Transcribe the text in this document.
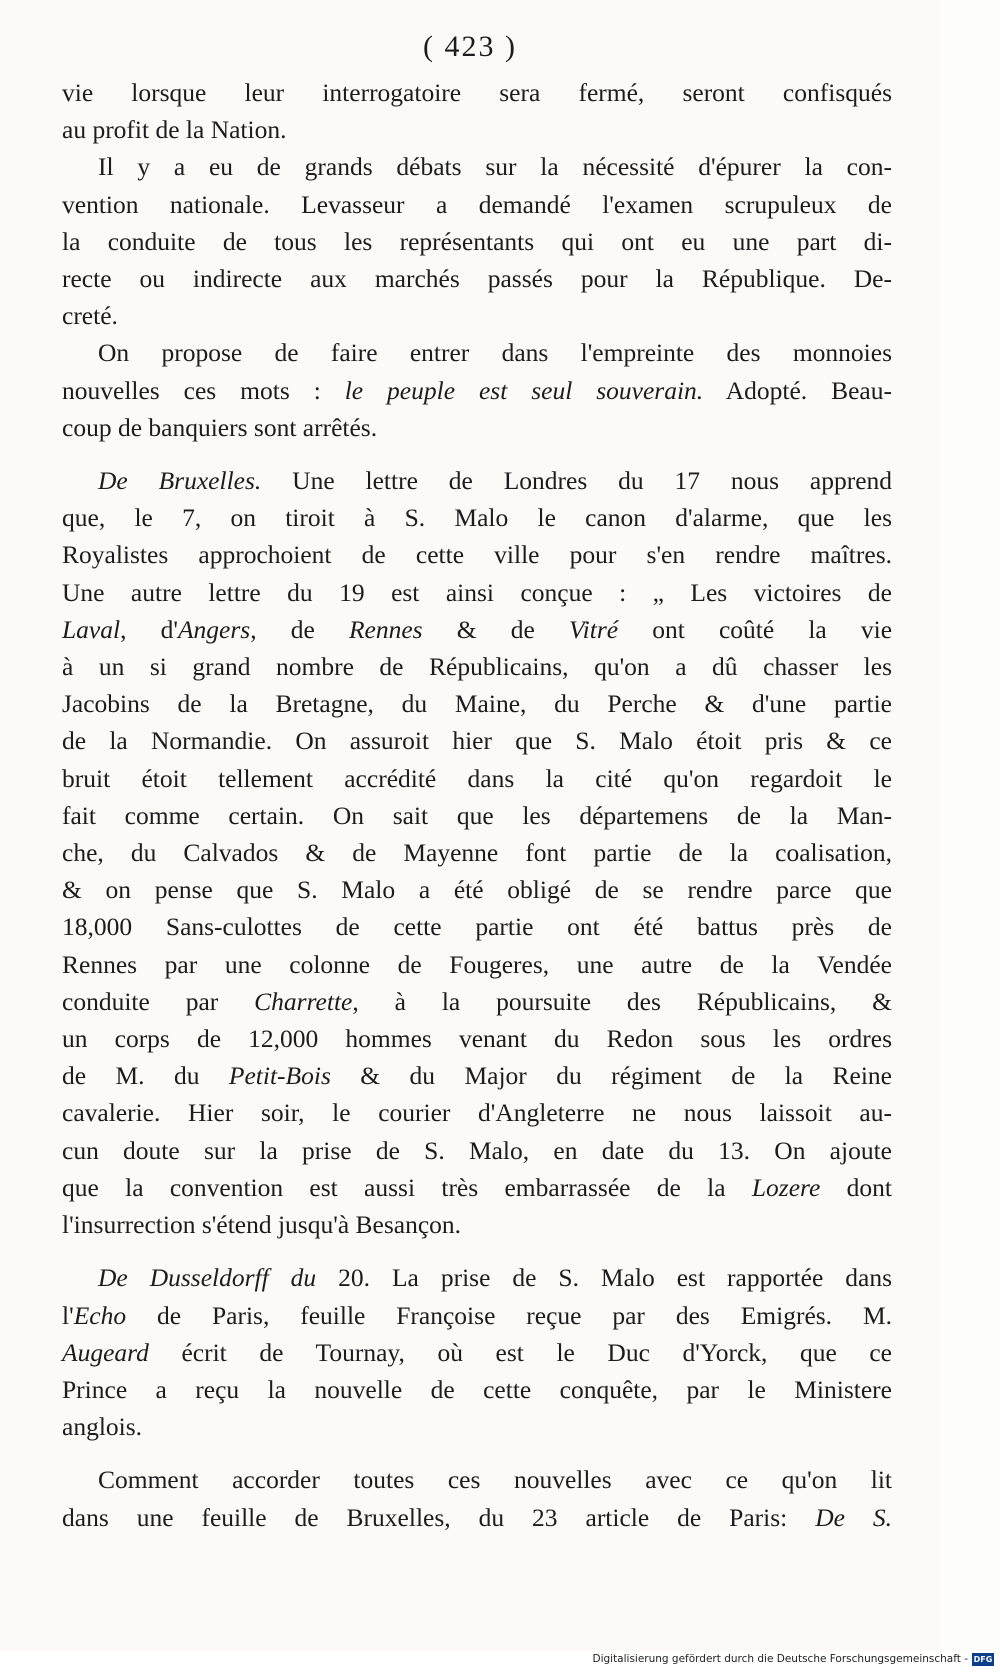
( 423 )

vie lorsque leur interrogatoire sera fermé, seront confisqués
au profit de la Nation.

Il y a eu de grands débats sur la nécessité d'épurer la con-
vention nationale. Levasseur a demandé l'examen scrupuleux de
la conduite de tous les représentants qui ont eu une part di-
recte ou indirecte aux marchés passés pour la République. De-
creté.

On propose de faire entrer dans l'empreinte des monnoies
nouvelles ces mots : le peuple est seul souverain. Adopté. Beau-
coup de banquiers sont arrêtés.

De Bruxelles. Une lettre de Londres du 17 nous apprend
que, le 7, on tiroit à S. Malo le canon d'alarme, que les
Royalistes approchoient de cette ville pour s'en rendre maîtres.
Une autre lettre du 19 est ainsi conçue : „ Les victoires de
Laval, d'Angers, de Rennes & de Vitré ont coûté la vie
à un si grand nombre de Républicains, qu'on a dû chasser les
Jacobins de la Bretagne, du Maine, du Perche & d'une partie
de la Normandie. On assuroit hier que S. Malo étoit pris & ce
bruit étoit tellement accrédité dans la cité qu'on regardoit le
fait comme certain. On sait que les départemens de la Man-
che, du Calvados & de Mayenne font partie de la coalisation,
& on pense que S. Malo a été obligé de se rendre parce que
18,000 Sans-culottes de cette partie ont été battus près de
Rennes par une colonne de Fougeres, une autre de la Vendée
conduite par Charrette, à la poursuite des Républicains, &
un corps de 12,000 hommes venant du Redon sous les ordres
de M. du Petit-Bois & du Major du régiment de la Reine
cavalerie. Hier soir, le courier d'Angleterre ne nous laissoit au-
cun doute sur la prise de S. Malo, en date du 13. On ajoute
que la convention est aussi très embarrassée de la Lozere dont
l'insurrection s'étend jusqu'à Besançon.

De Dusseldorff du 20. La prise de S. Malo est rapportée dans
l'Echo de Paris, feuille Françoise reçue par des Emigrés. M.
Augeard écrit de Tournay, où est le Duc d'Yorck, que ce
Prince a reçu la nouvelle de cette conquête, par le Ministere
anglois.

Comment accorder toutes ces nouvelles avec ce qu'on lit
dans une feuille de Bruxelles, du 23 article de Paris: De S.

Digitalisierung gefördert durch die Deutsche Forschungsgemeinschaft - DFG
